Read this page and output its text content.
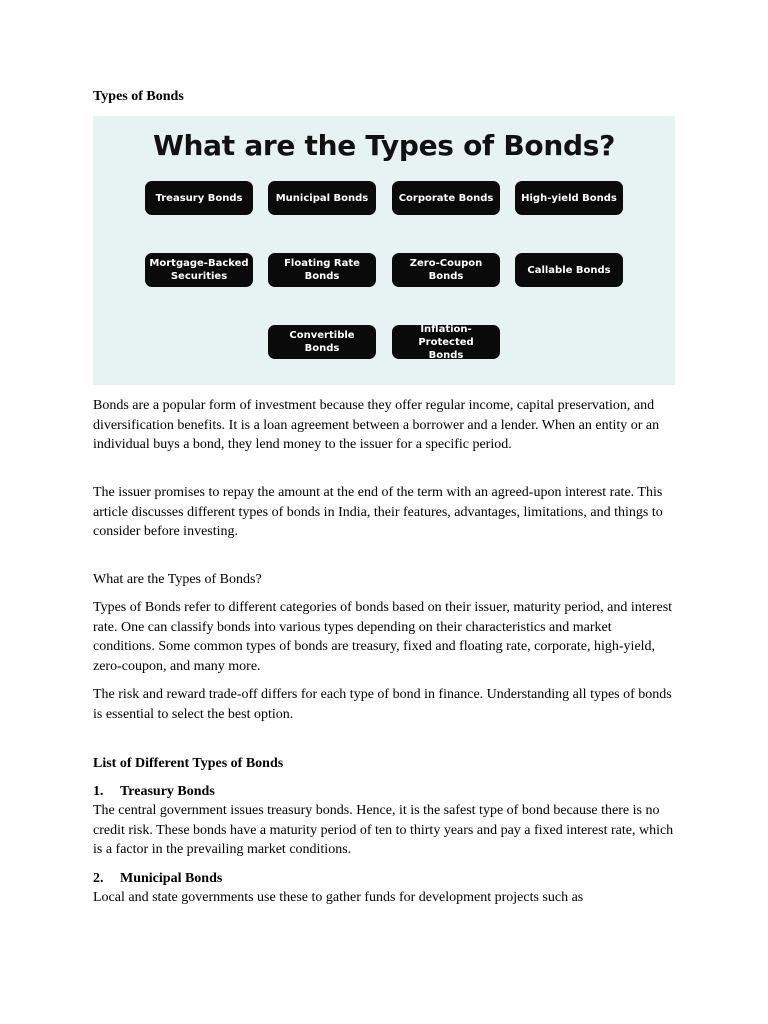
Types of Bonds

What are the Types of Bonds?

Treasury Bonds	Municipal Bonds	Corporate Bonds	High-yield Bonds
Mortgage-Backed
Securities
Floating Rate
Bonds
Zero-Coupon
Bonds
Callable Bonds
Convertible Bonds
Inflation-Protected
Bonds

Bonds are a popular form of investment because they offer regular income, capital preservation, and diversification benefits. It is a loan agreement between a borrower and a lender. When an entity or an individual buys a bond, they lend money to the issuer for a specific period.

The issuer promises to repay the amount at the end of the term with an agreed-upon interest rate. This article discusses different types of bonds in India, their features, advantages, limitations, and things to consider before investing.

What are the Types of Bonds?

Types of Bonds refer to different categories of bonds based on their issuer, maturity period, and interest rate. One can classify bonds into various types depending on their characteristics and market conditions. Some common types of bonds are treasury, fixed and floating rate, corporate, high-yield, zero-coupon, and many more.

The risk and reward trade-off differs for each type of bond in finance. Understanding all types of bonds is essential to select the best option.

List of Different Types of Bonds

1. Treasury Bonds

The central government issues treasury bonds. Hence, it is the safest type of bond because there is no credit risk. These bonds have a maturity period of ten to thirty years and pay a fixed interest rate, which is a factor in the prevailing market conditions.

2. Municipal Bonds

Local and state governments use these to gather funds for development projects such as
